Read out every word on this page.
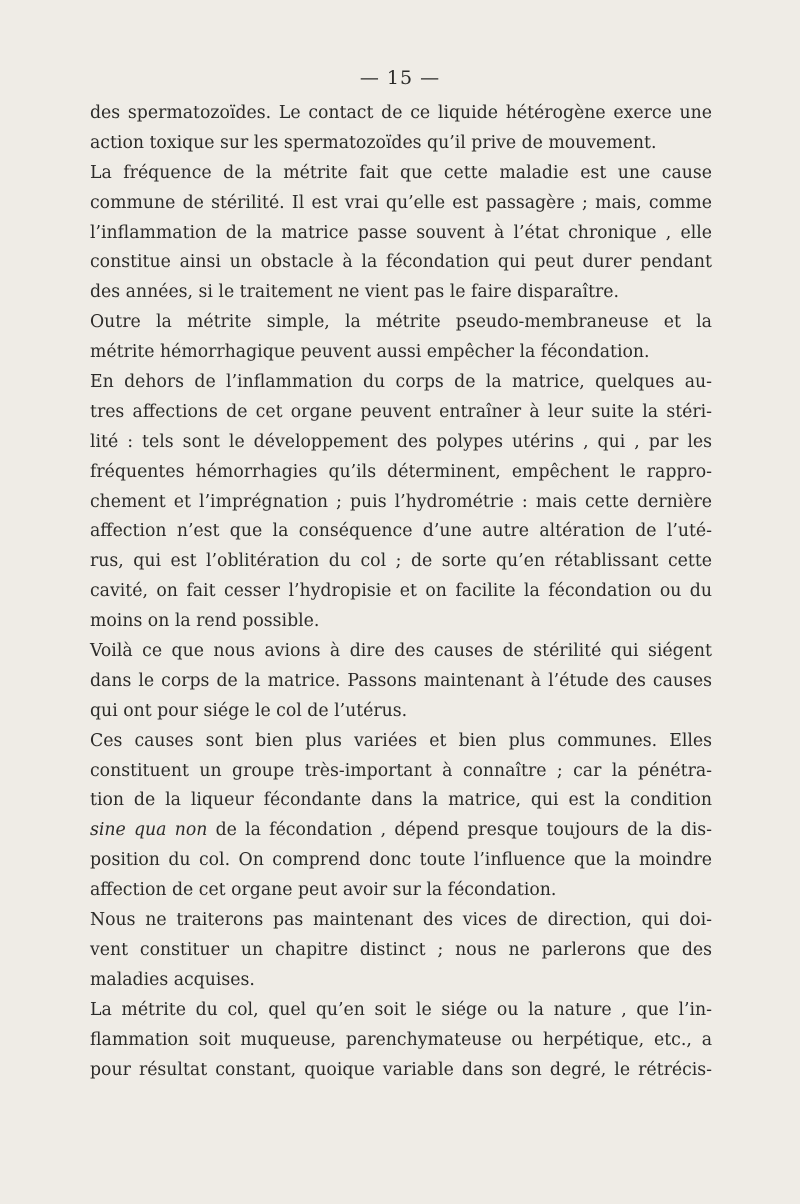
— 15 —
des spermatozoïdes. Le contact de ce liquide hétérogène exerce une
action toxique sur les spermatozoïdes qu’il prive de mouvement.
La fréquence de la métrite fait que cette maladie est une cause
commune de stérilité. Il est vrai qu’elle est passagère ; mais, comme
l’inflammation de la matrice passe souvent à l’état chronique , elle
constitue ainsi un obstacle à la fécondation qui peut durer pendant
des années, si le traitement ne vient pas le faire disparaître.
Outre la métrite simple, la métrite pseudo-membraneuse et la
métrite hémorrhagique peuvent aussi empêcher la fécondation.
En dehors de l’inflammation du corps de la matrice, quelques au-
tres affections de cet organe peuvent entraîner à leur suite la stéri-
lité : tels sont le développement des polypes utérins , qui , par les
fréquentes hémorrhagies qu’ils déterminent, empêchent le rappro-
chement et l’imprégnation ; puis l’hydrométrie : mais cette dernière
affection n’est que la conséquence d’une autre altération de l’uté-
rus, qui est l’oblitération du col ; de sorte qu’en rétablissant cette
cavité, on fait cesser l’hydropisie et on facilite la fécondation ou du
moins on la rend possible.
Voilà ce que nous avions à dire des causes de stérilité qui siégent
dans le corps de la matrice. Passons maintenant à l’étude des causes
qui ont pour siége le col de l’utérus.
Ces causes sont bien plus variées et bien plus communes. Elles
constituent un groupe très-important à connaître ; car la pénétra-
tion de la liqueur fécondante dans la matrice, qui est la condition
sine qua non de la fécondation , dépend presque toujours de la dis-
position du col. On comprend donc toute l’influence que la moindre
affection de cet organe peut avoir sur la fécondation.
Nous ne traiterons pas maintenant des vices de direction, qui doi-
vent constituer un chapitre distinct ; nous ne parlerons que des
maladies acquises.
La métrite du col, quel qu’en soit le siége ou la nature , que l’in-
flammation soit muqueuse, parenchymateuse ou herpétique, etc., a
pour résultat constant, quoique variable dans son degré, le rétrécis-
